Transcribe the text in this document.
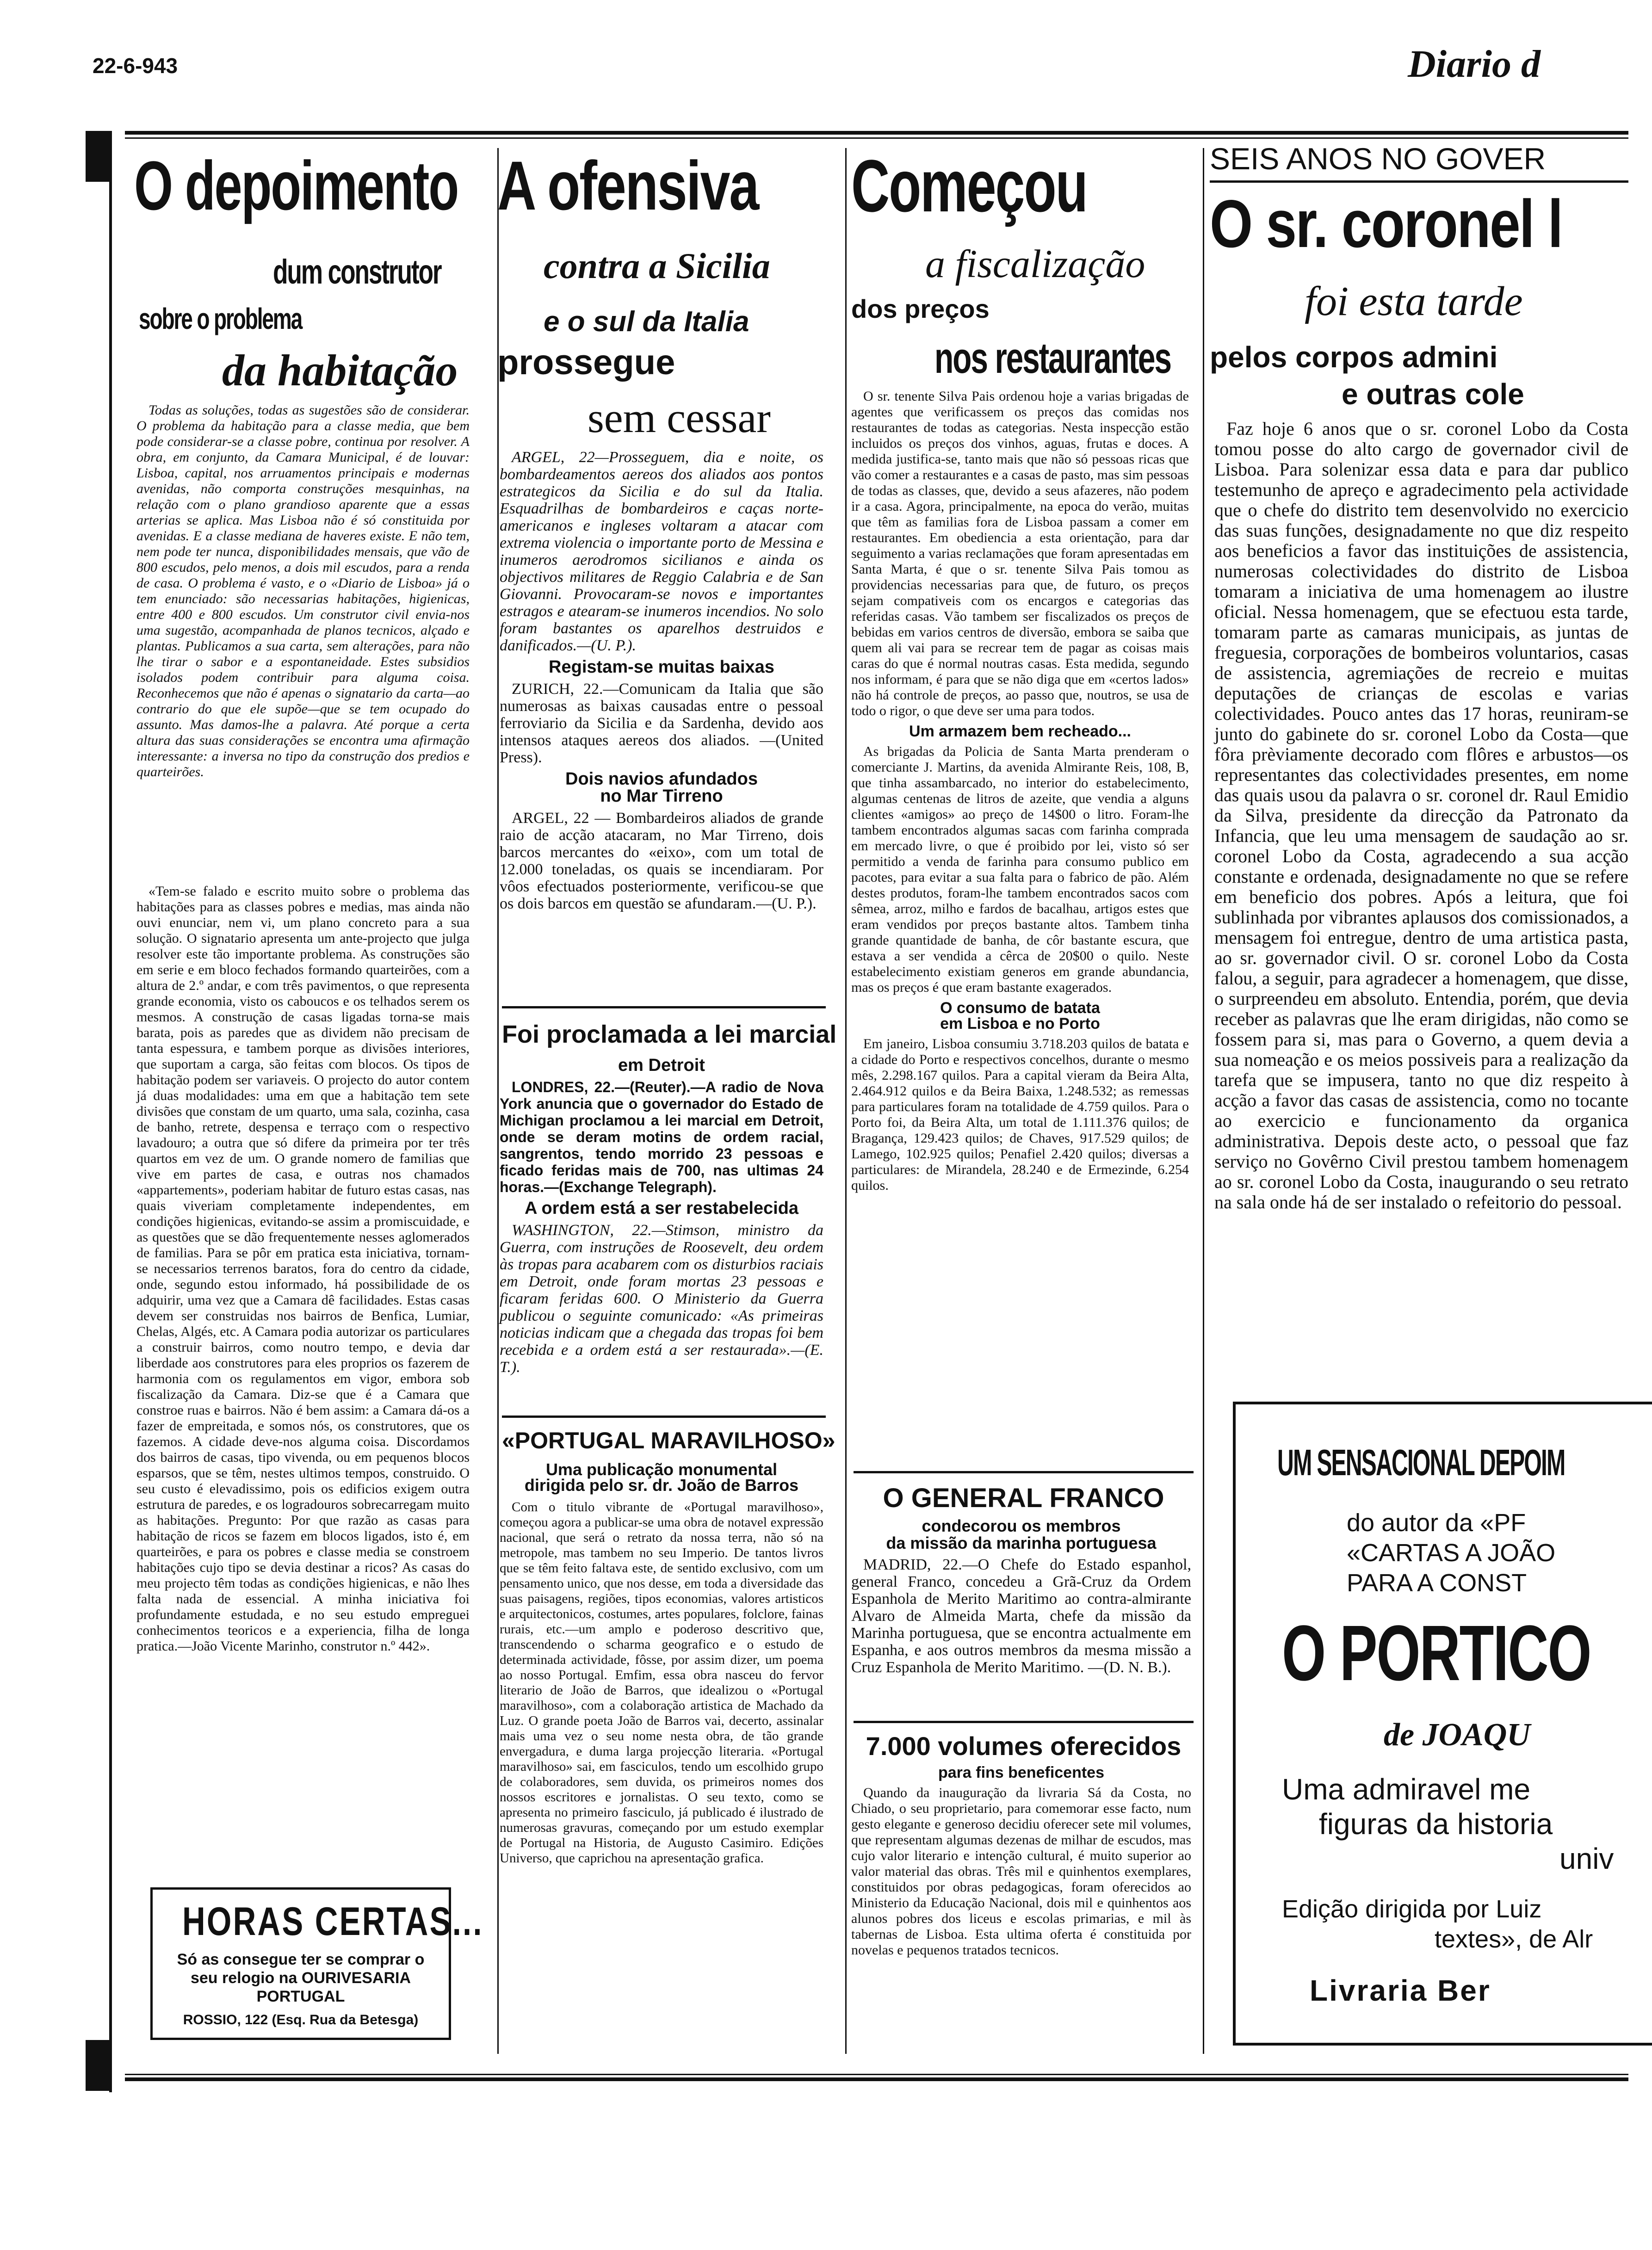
22-6-943	Diario d
O depoimento
dum construtor
sobre o problema
da habitação

Todas as soluções, todas as sugestões são de considerar. O problema da habitação para a classe media, que bem pode considerar-se a classe pobre, continua por resolver. A obra, em conjunto, da Camara Municipal, é de louvar: Lisboa, capital, nos arruamentos principais e modernas avenidas, não comporta construções mesquinhas, na relação com o plano grandioso aparente que a essas arterias se aplica. Mas Lisboa não é só constituida por avenidas. E a classe mediana de haveres existe. E não tem, nem pode ter nunca, disponibilidades mensais, que vão de 800 escudos, pelo menos, a dois mil escudos, para a renda de casa. O problema é vasto, e o «Diario de Lisboa» já o tem enunciado: são necessarias habitações, higienicas, entre 400 e 800 escudos. Um construtor civil envia-nos uma sugestão, acompanhada de planos tecnicos, alçado e plantas. Publicamos a sua carta, sem alterações, para não lhe tirar o sabor e a espontaneidade. Estes subsidios isolados podem contribuir para alguma coisa. Reconhecemos que não é apenas o signatario da carta—ao contrario do que ele supõe—que se tem ocupado do assunto. Mas damos-lhe a palavra. Até porque a certa altura das suas considerações se encontra uma afirmação interessante: a inversa no tipo da construção dos predios e quarteirões.

«Tem-se falado e escrito muito sobre o problema das habitações para as classes pobres e medias, mas ainda não ouvi enunciar, nem vi, um plano concreto para a sua solução. O signatario apresenta um ante-projecto que julga resolver este tão importante problema. As construções são em serie e em bloco fechados formando quarteirões, com a altura de 2.º andar, e com três pavimentos, o que representa grande economia, visto os caboucos e os telhados serem os mesmos. A construção de casas ligadas torna-se mais barata, pois as paredes que as dividem não precisam de tanta espessura, e tambem porque as divisões interiores, que suportam a carga, são feitas com blocos. Os tipos de habitação podem ser variaveis. O projecto do autor contem já duas modalidades: uma em que a habitação tem sete divisões que constam de um quarto, uma sala, cozinha, casa de banho, retrete, despensa e terraço com o respectivo lavadouro; a outra que só difere da primeira por ter três quartos em vez de um. O grande nomero de familias que vive em partes de casa, e outras nos chamados «appartements», poderiam habitar de futuro estas casas, nas quais viveriam completamente independentes, em condições higienicas, evitando-se assim a promiscuidade, e as questões que se dão frequentemente nesses aglomerados de familias. Para se pôr em pratica esta iniciativa, tornam-se necessarios terrenos baratos, fora do centro da cidade, onde, segundo estou informado, há possibilidade de os adquirir, uma vez que a Camara dê facilidades. Estas casas devem ser construidas nos bairros de Benfica, Lumiar, Chelas, Algés, etc. A Camara podia autorizar os particulares a construir bairros, como noutro tempo, e devia dar liberdade aos construtores para eles proprios os fazerem de harmonia com os regulamentos em vigor, embora sob fiscalização da Camara. Diz-se que é a Camara que constroe ruas e bairros. Não é bem assim: a Camara dá-os a fazer de empreitada, e somos nós, os construtores, que os fazemos. A cidade deve-nos alguma coisa. Discordamos dos bairros de casas, tipo vivenda, ou em pequenos blocos esparsos, que se têm, nestes ultimos tempos, construido. O seu custo é elevadissimo, pois os edificios exigem outra estrutura de paredes, e os logradouros sobrecarregam muito as habitações. Pregunto: Por que razão as casas para habitação de ricos se fazem em blocos ligados, isto é, em quarteirões, e para os pobres e classe media se constroem habitações cujo tipo se devia destinar a ricos? As casas do meu projecto têm todas as condições higienicas, e não lhes falta nada de essencial. A minha iniciativa foi profundamente estudada, e no seu estudo empreguei conhecimentos teoricos e a experiencia, filha de longa pratica.—João Vicente Marinho, construtor n.º 442».

HORAS CERTAS...
Só as consegue ter se comprar o seu relogio na OURIVESARIA PORTUGAL
ROSSIO, 122 (Esq. Rua da Betesga)
A ofensiva
contra a Sicilia
e o sul da Italia
prossegue
sem cessar

ARGEL, 22—Prosseguem, dia e noite, os bombardeamentos aereos dos aliados aos pontos estrategicos da Sicilia e do sul da Italia. Esquadrilhas de bombardeiros e caças norte-americanos e ingleses voltaram a atacar com extrema violencia o importante porto de Messina e inumeros aerodromos sicilianos e ainda os objectivos militares de Reggio Calabria e de San Giovanni. Provocaram-se novos e importantes estragos e atearam-se inumeros incendios. No solo foram bastantes os aparelhos destruidos e danificados.—(U. P.).

Registam-se muitas baixas

ZURICH, 22.—Comunicam da Italia que são numerosas as baixas causadas entre o pessoal ferroviario da Sicilia e da Sardenha, devido aos intensos ataques aereos dos aliados. —(United Press).

Dois navios afundados
no Mar Tirreno

ARGEL, 22 — Bombardeiros aliados de grande raio de acção atacaram, no Mar Tirreno, dois barcos mercantes do «eixo», com um total de 12.000 toneladas, os quais se incendiaram. Por vôos efectuados posteriormente, verificou-se que os dois barcos em questão se afundaram.—(U. P.).

Foi proclamada a lei marcial
em Detroit

LONDRES, 22.—(Reuter).—A radio de Nova York anuncia que o governador do Estado de Michigan proclamou a lei marcial em Detroit, onde se deram motins de ordem racial, sangrentos, tendo morrido 23 pessoas e ficado feridas mais de 700, nas ultimas 24 horas.—(Exchange Telegraph).

A ordem está a ser restabelecida

WASHINGTON, 22.—Stimson, ministro da Guerra, com instruções de Roosevelt, deu ordem às tropas para acabarem com os disturbios raciais em Detroit, onde foram mortas 23 pessoas e ficaram feridas 600. O Ministerio da Guerra publicou o seguinte comunicado: «As primeiras noticias indicam que a chegada das tropas foi bem recebida e a ordem está a ser restaurada».—(E. T.).

«PORTUGAL MARAVILHOSO»
Uma publicação monumental
dirigida pelo sr. dr. João de Barros

Com o titulo vibrante de «Portugal maravilhoso», começou agora a publicar-se uma obra de notavel expressão nacional, que será o retrato da nossa terra, não só na metropole, mas tambem no seu Imperio. De tantos livros que se têm feito faltava este, de sentido exclusivo, com um pensamento unico, que nos desse, em toda a diversidade das suas paisagens, regiões, tipos economias, valores artisticos e arquitectonicos, costumes, artes populares, folclore, fainas rurais, etc.—um amplo e poderoso descritivo que, transcendendo o scharma geografico e o estudo de determinada actividade, fôsse, por assim dizer, um poema ao nosso Portugal. Emfim, essa obra nasceu do fervor literario de João de Barros, que idealizou o «Portugal maravilhoso», com a colaboração artistica de Machado da Luz. O grande poeta João de Barros vai, decerto, assinalar mais uma vez o seu nome nesta obra, de tão grande envergadura, e duma larga projecção literaria. «Portugal maravilhoso» sai, em fasciculos, tendo um escolhido grupo de colaboradores, sem duvida, os primeiros nomes dos nossos escritores e jornalistas. O seu texto, como se apresenta no primeiro fasciculo, já publicado é ilustrado de numerosas gravuras, começando por um estudo exemplar de Portugal na Historia, de Augusto Casimiro. Edições Universo, que caprichou na apresentação grafica.

Começou
a fiscalização
dos preços
nos restaurantes

O sr. tenente Silva Pais ordenou hoje a varias brigadas de agentes que verificassem os preços das comidas nos restaurantes de todas as categorias. Nesta inspecção estão incluidos os preços dos vinhos, aguas, frutas e doces. A medida justifica-se, tanto mais que não só pessoas ricas que vão comer a restaurantes e a casas de pasto, mas sim pessoas de todas as classes, que, devido a seus afazeres, não podem ir a casa. Agora, principalmente, na epoca do verão, muitas que têm as familias fora de Lisboa passam a comer em restaurantes. Em obediencia a esta orientação, para dar seguimento a varias reclamações que foram apresentadas em Santa Marta, é que o sr. tenente Silva Pais tomou as providencias necessarias para que, de futuro, os preços sejam compativeis com os encargos e categorias das referidas casas. Vão tambem ser fiscalizados os preços de bebidas em varios centros de diversão, embora se saiba que quem ali vai para se recrear tem de pagar as coisas mais caras do que é normal noutras casas. Esta medida, segundo nos informam, é para que se não diga que em «certos lados» não há controle de preços, ao passo que, noutros, se usa de todo o rigor, o que deve ser uma para todos.

Um armazem bem recheado...

As brigadas da Policia de Santa Marta prenderam o comerciante J. Martins, da avenida Almirante Reis, 108, B, que tinha assambarcado, no interior do estabelecimento, algumas centenas de litros de azeite, que vendia a alguns clientes «amigos» ao preço de 14$00 o litro. Foram-lhe tambem encontrados algumas sacas com farinha comprada em mercado livre, o que é proibido por lei, visto só ser permitido a venda de farinha para consumo publico em pacotes, para evitar a sua falta para o fabrico de pão. Além destes produtos, foram-lhe tambem encontrados sacos com sêmea, arroz, milho e fardos de bacalhau, artigos estes que eram vendidos por preços bastante altos. Tambem tinha grande quantidade de banha, de côr bastante escura, que estava a ser vendida a cêrca de 20$00 o quilo. Neste estabelecimento existiam generos em grande abundancia, mas os preços é que eram bastante exagerados.

O consumo de batata
em Lisboa e no Porto

Em janeiro, Lisboa consumiu 3.718.203 quilos de batata e a cidade do Porto e respectivos concelhos, durante o mesmo mês, 2.298.167 quilos. Para a capital vieram da Beira Alta, 2.464.912 quilos e da Beira Baixa, 1.248.532; as remessas para particulares foram na totalidade de 4.759 quilos. Para o Porto foi, da Beira Alta, um total de 1.111.376 quilos; de Bragança, 129.423 quilos; de Chaves, 917.529 quilos; de Lamego, 102.925 quilos; Penafiel 2.420 quilos; diversas a particulares: de Mirandela, 28.240 e de Ermezinde, 6.254 quilos.

O GENERAL FRANCO
condecorou os membros
da missão da marinha portuguesa

MADRID, 22.—O Chefe do Estado espanhol, general Franco, concedeu a Grã-Cruz da Ordem Espanhola de Merito Maritimo ao contra-almirante Alvaro de Almeida Marta, chefe da missão da Marinha portuguesa, que se encontra actualmente em Espanha, e aos outros membros da mesma missão a Cruz Espanhola de Merito Maritimo. —(D. N. B.).

7.000 volumes oferecidos
para fins beneficentes

Quando da inauguração da livraria Sá da Costa, no Chiado, o seu proprietario, para comemorar esse facto, num gesto elegante e generoso decidiu oferecer sete mil volumes, que representam algumas dezenas de milhar de escudos, mas cujo valor literario e intenção cultural, é muito superior ao valor material das obras. Três mil e quinhentos exemplares, constituidos por obras pedagogicas, foram oferecidos ao Ministerio da Educação Nacional, dois mil e quinhentos aos alunos pobres dos liceus e escolas primarias, e mil às tabernas de Lisboa. Esta ultima oferta é constituida por novelas e pequenos tratados tecnicos.

SEIS ANOS NO GOVER
O sr. coronel l
foi esta tarde
pelos corpos admini
e outras cole

Faz hoje 6 anos que o sr. coronel Lobo da Costa tomou posse do alto cargo de governador civil de Lisboa. Para solenizar essa data e para dar publico testemunho de apreço e agradecimento pela actividade que o chefe do distrito tem desenvolvido no exercicio das suas funções, designadamente no que diz respeito aos beneficios a favor das instituições de assistencia, numerosas colectividades do distrito de Lisboa tomaram a iniciativa de uma homenagem ao ilustre oficial. Nessa homenagem, que se efectuou esta tarde, tomaram parte as camaras municipais, as juntas de freguesia, corporações de bombeiros voluntarios, casas de assistencia, agremiações de recreio e muitas deputações de crianças de escolas e varias colectividades. Pouco antes das 17 horas, reuniram-se junto do gabinete do sr. coronel Lobo da Costa—que fôra prèviamente decorado com flôres e arbustos—os representantes das colectividades presentes, em nome das quais usou da palavra o sr. coronel dr. Raul Emidio da Silva, presidente da direcção da Patronato da Infancia, que leu uma mensagem de saudação ao sr. coronel Lobo da Costa, agradecendo a sua acção constante e ordenada, designadamente no que se refere em beneficio dos pobres. Após a leitura, que foi sublinhada por vibrantes aplausos dos comissionados, a mensagem foi entregue, dentro de uma artistica pasta, ao sr. governador civil. O sr. coronel Lobo da Costa falou, a seguir, para agradecer a homenagem, que disse, o surpreendeu em absoluto. Entendia, porém, que devia receber as palavras que lhe eram dirigidas, não como se fossem para si, mas para o Governo, a quem devia a sua nomeação e os meios possiveis para a realização da tarefa que se impusera, tanto no que diz respeito à acção a favor das casas de assistencia, como no tocante ao exercicio e funcionamento da organica administrativa. Depois deste acto, o pessoal que faz serviço no Govêrno Civil prestou tambem homenagem ao sr. coronel Lobo da Costa, inaugurando o seu retrato na sala onde há de ser instalado o refeitorio do pessoal.

UM SENSACIONAL DEPOIM
do autor da «PF
«CARTAS A JOÃO
PARA A CONST
O PORTICO
de JOAQU
Uma admiravel me
figuras da historia
univ
Edição dirigida por Luiz
textes», de Alr
Livraria Ber
